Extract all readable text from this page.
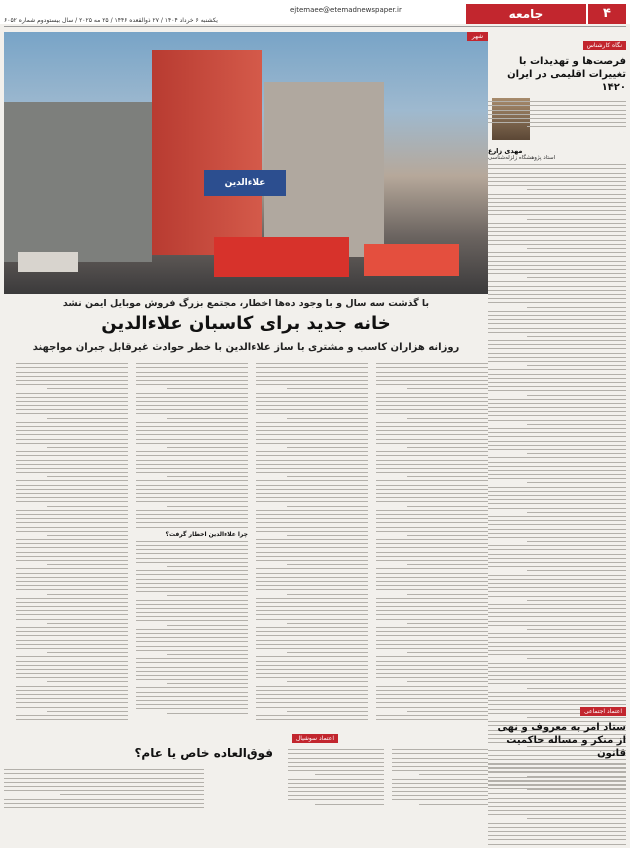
۴
جامعه
ejtemaee@etemadnewspaper.ir
یکشنبه ۶ خرداد ۱۴۰۴ / ۲۷ ذوالقعده ۱۴۴۶ / ۲۵ مه ۲۰۲۵ / سال بیستودوم شماره ۶۰۵۲
نگاه کارشناس
فرصت‌ها و تهدیدات با تغییرات اقلیمی در ایران ۱۴۲۰
مهدی زارع
استاد پژوهشگاه زلزله‌شناسی
شهر
علاءالدین
با گذشت سه سال و با وجود ده‌ها اخطار، مجتمع بزرگ فروش موبایل ایمن نشد
خانه جدید برای کاسبان علاءالدین
روزانه هزاران کاسب و مشتری با ساز علاءالدین با خطر حوادث غیرقابل جبران مواجهند
چرا علاءالدین اخطار گرفت؟
اعتماد سوشیال
فوق‌العاده خاص یا عام؟
اعتماد اجتماعی
ستاد امر به معروف و نهی از منکر و مساله حاکمیت قانون
